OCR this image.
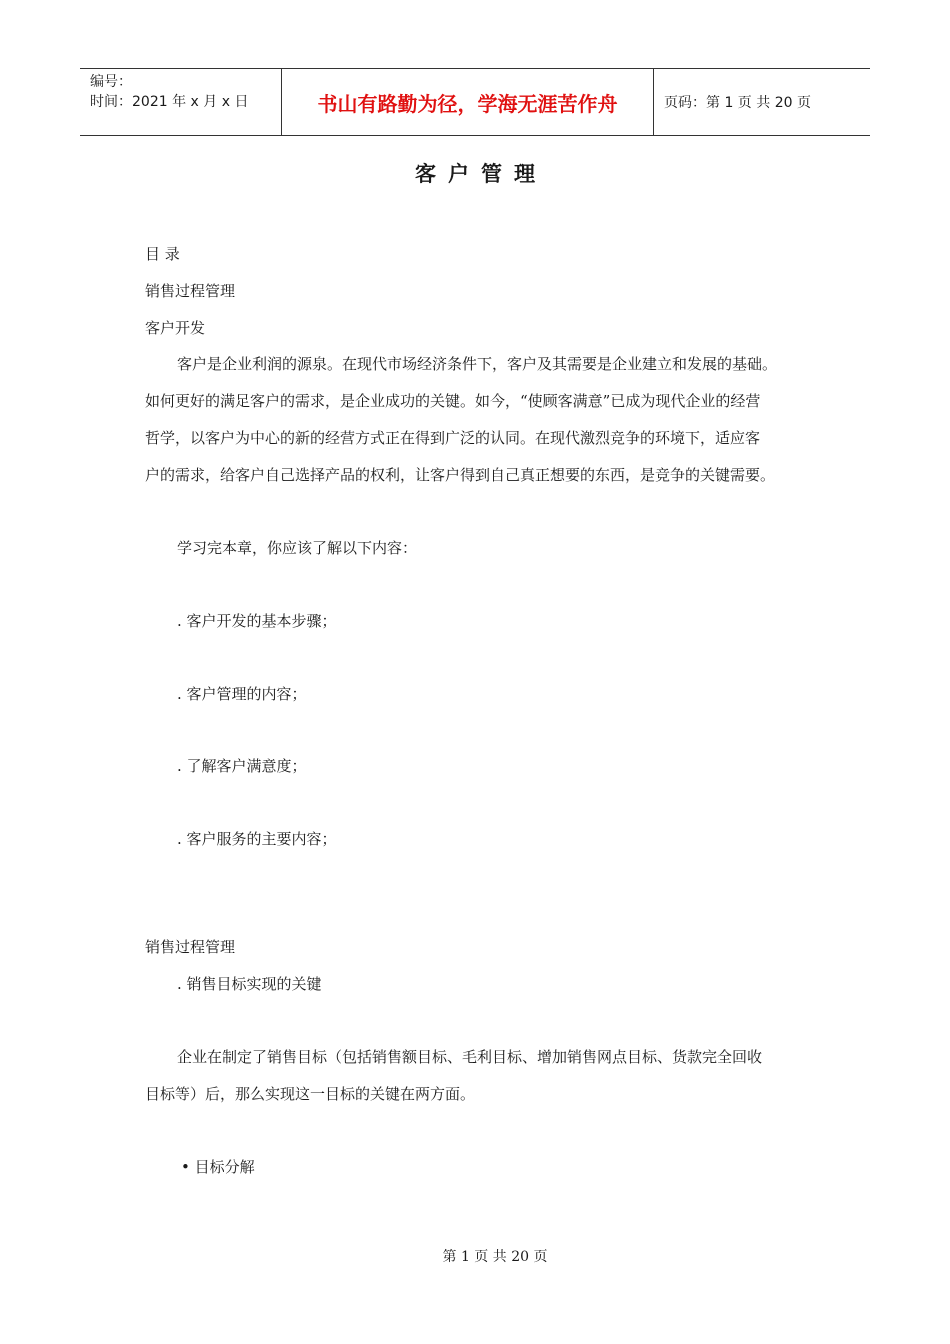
编号：
时间：2021 年 x 月 x 日	书山有路勤为径，学海无涯苦作舟	页码：第 1 页 共 20 页
客户管理
目 录
销售过程管理
客户开发
客户是企业利润的源泉。在现代市场经济条件下，客户及其需要是企业建立和发展的基础。
如何更好的满足客户的需求，是企业成功的关键。如今，“使顾客满意”已成为现代企业的经营
哲学，以客户为中心的新的经营方式正在得到广泛的认同。在现代激烈竞争的环境下，适应客
户的需求，给客户自己选择产品的权利，让客户得到自己真正想要的东西，是竞争的关键需要。
学习完本章，你应该了解以下内容：
. 客户开发的基本步骤；
. 客户管理的内容；
. 了解客户满意度；
. 客户服务的主要内容；
销售过程管理
. 销售目标实现的关键
企业在制定了销售目标（包括销售额目标、毛利目标、增加销售网点目标、货款完全回收
目标等）后，那么实现这一目标的关键在两方面。
• 目标分解
第 1 页 共 20 页
